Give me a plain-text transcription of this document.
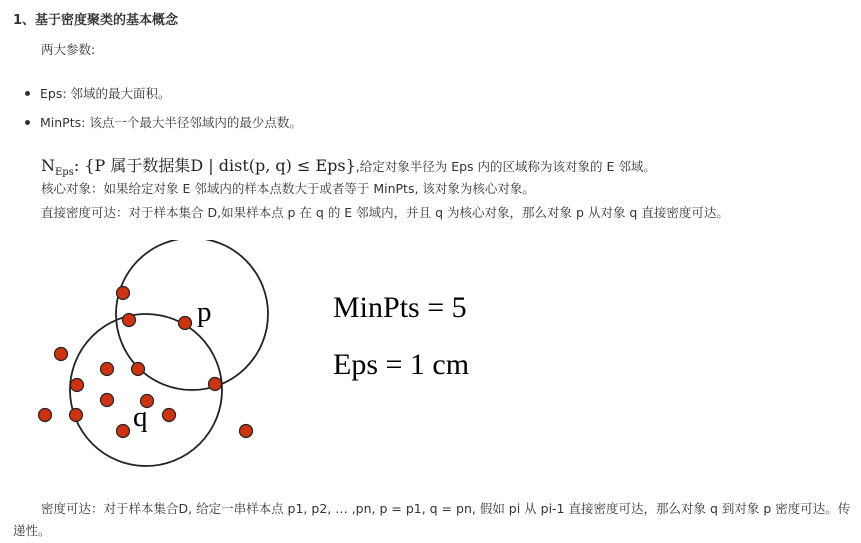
1、基于密度聚类的基本概念
两大参数:
Eps: 邻域的最大面积。
MinPts: 该点一个最大半径邻域内的最少点数。
$N_{Eps}$: {P 属于数据集D | dist(p, q) ≤ Eps},给定对象半径为 Eps 内的区域称为该对象的 E 邻域。
核心对象：如果给定对象 E 邻域内的样本点数大于或者等于 MinPts, 该对象为核心对象。
直接密度可达：对于样本集合 D,如果样本点 p 在 q 的 E 邻域内，并且 q 为核心对象，那么对象 p 从对象 q 直接密度可达。
p
q
MinPts = 5
Eps = 1 cm
密度可达：对于样本集合D, 给定一串样本点 p1, p2, … ,pn, p = p1, q = pn, 假如 pi 从 pi-1 直接密度可达，那么对象 q 到对象 p 密度可达。传递性。
